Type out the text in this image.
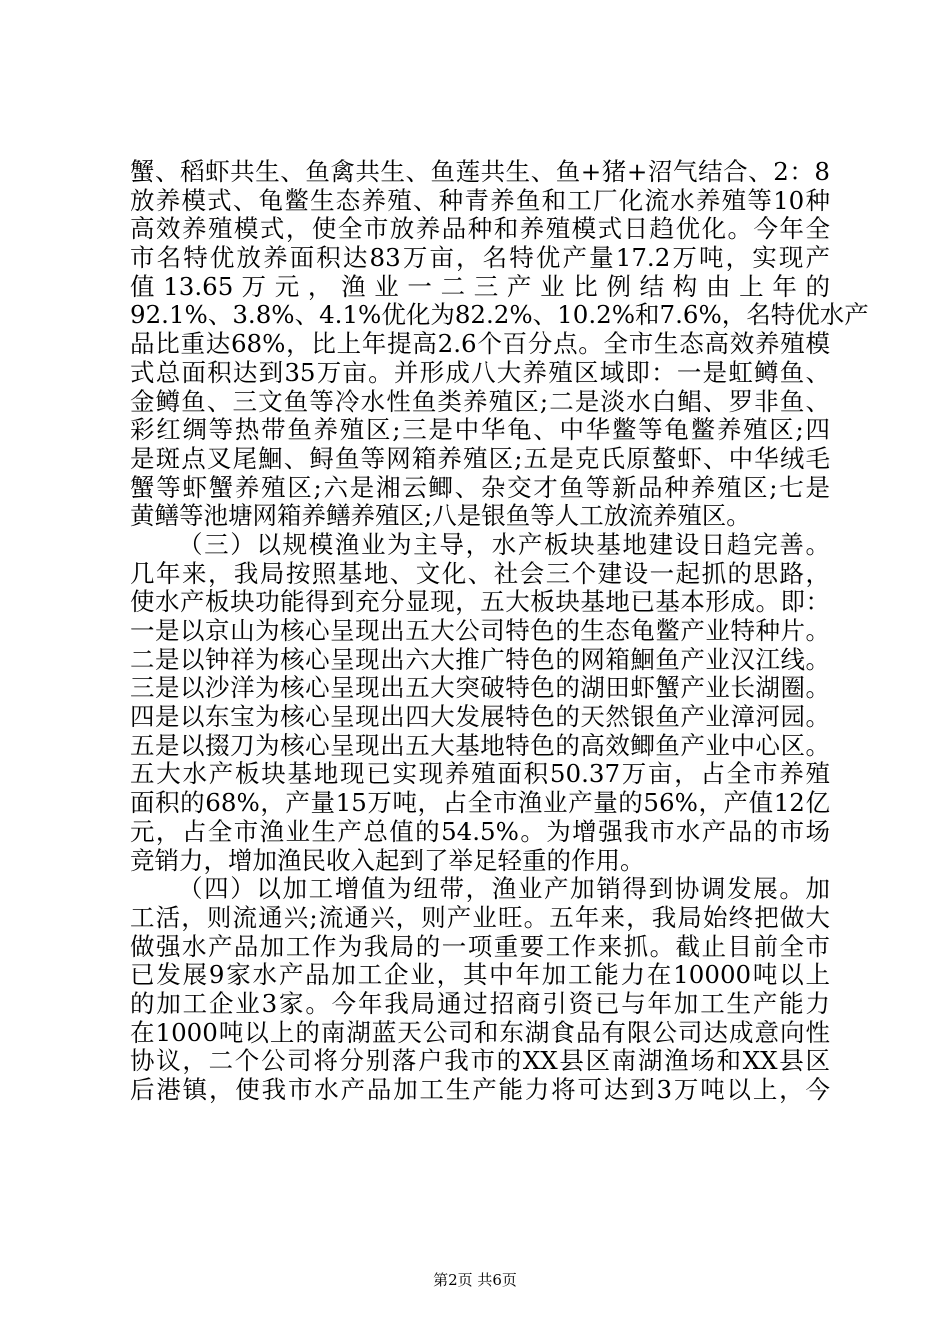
蟹、稻虾共生、鱼禽共生、鱼莲共生、鱼+猪+沼气结合、2：8
放养模式、龟鳖生态养殖、种青养鱼和工厂化流水养殖等10种
高效养殖模式，使全市放养品种和养殖模式日趋优化。今年全
市名特优放养面积达83万亩，名特优产量17.2万吨，实现产
值 13.65 万 元 ， 渔 业 一 二 三 产 业 比 例 结 构 由 上 年 的
92.1%、3.8%、4.1%优化为82.2%、10.2%和7.6%，名特优水产
品比重达68%，比上年提高2.6个百分点。全市生态高效养殖模
式总面积达到35万亩。并形成八大养殖区域即：一是虹鳟鱼、
金鳟鱼、三文鱼等冷水性鱼类养殖区;二是淡水白鲳、罗非鱼、
彩红绸等热带鱼养殖区;三是中华龟、中华鳖等龟鳖养殖区;四
是斑点叉尾鮰、鲟鱼等网箱养殖区;五是克氏原螯虾、中华绒毛
蟹等虾蟹养殖区;六是湘云鲫、杂交才鱼等新品种养殖区;七是
黄鳝等池塘网箱养鳝养殖区;八是银鱼等人工放流养殖区。
（三）以规模渔业为主导，水产板块基地建设日趋完善。
几年来，我局按照基地、文化、社会三个建设一起抓的思路，
使水产板块功能得到充分显现，五大板块基地已基本形成。即：
一是以京山为核心呈现出五大公司特色的生态龟鳖产业特种片。
二是以钟祥为核心呈现出六大推广特色的网箱鮰鱼产业汉江线。
三是以沙洋为核心呈现出五大突破特色的湖田虾蟹产业长湖圈。
四是以东宝为核心呈现出四大发展特色的天然银鱼产业漳河园。
五是以掇刀为核心呈现出五大基地特色的高效鲫鱼产业中心区。
五大水产板块基地现已实现养殖面积50.37万亩，占全市养殖
面积的68%，产量15万吨，占全市渔业产量的56%，产值12亿
元，占全市渔业生产总值的54.5%。为增强我市水产品的市场
竞销力，增加渔民收入起到了举足轻重的作用。
（四）以加工增值为纽带，渔业产加销得到协调发展。加
工活，则流通兴;流通兴，则产业旺。五年来，我局始终把做大
做强水产品加工作为我局的一项重要工作来抓。截止目前全市
已发展9家水产品加工企业，其中年加工能力在10000吨以上
的加工企业3家。今年我局通过招商引资已与年加工生产能力
在1000吨以上的南湖蓝天公司和东湖食品有限公司达成意向性
协议，二个公司将分别落户我市的XX县区南湖渔场和XX县区
后港镇，使我市水产品加工生产能力将可达到3万吨以上，今
第2页 共6页
